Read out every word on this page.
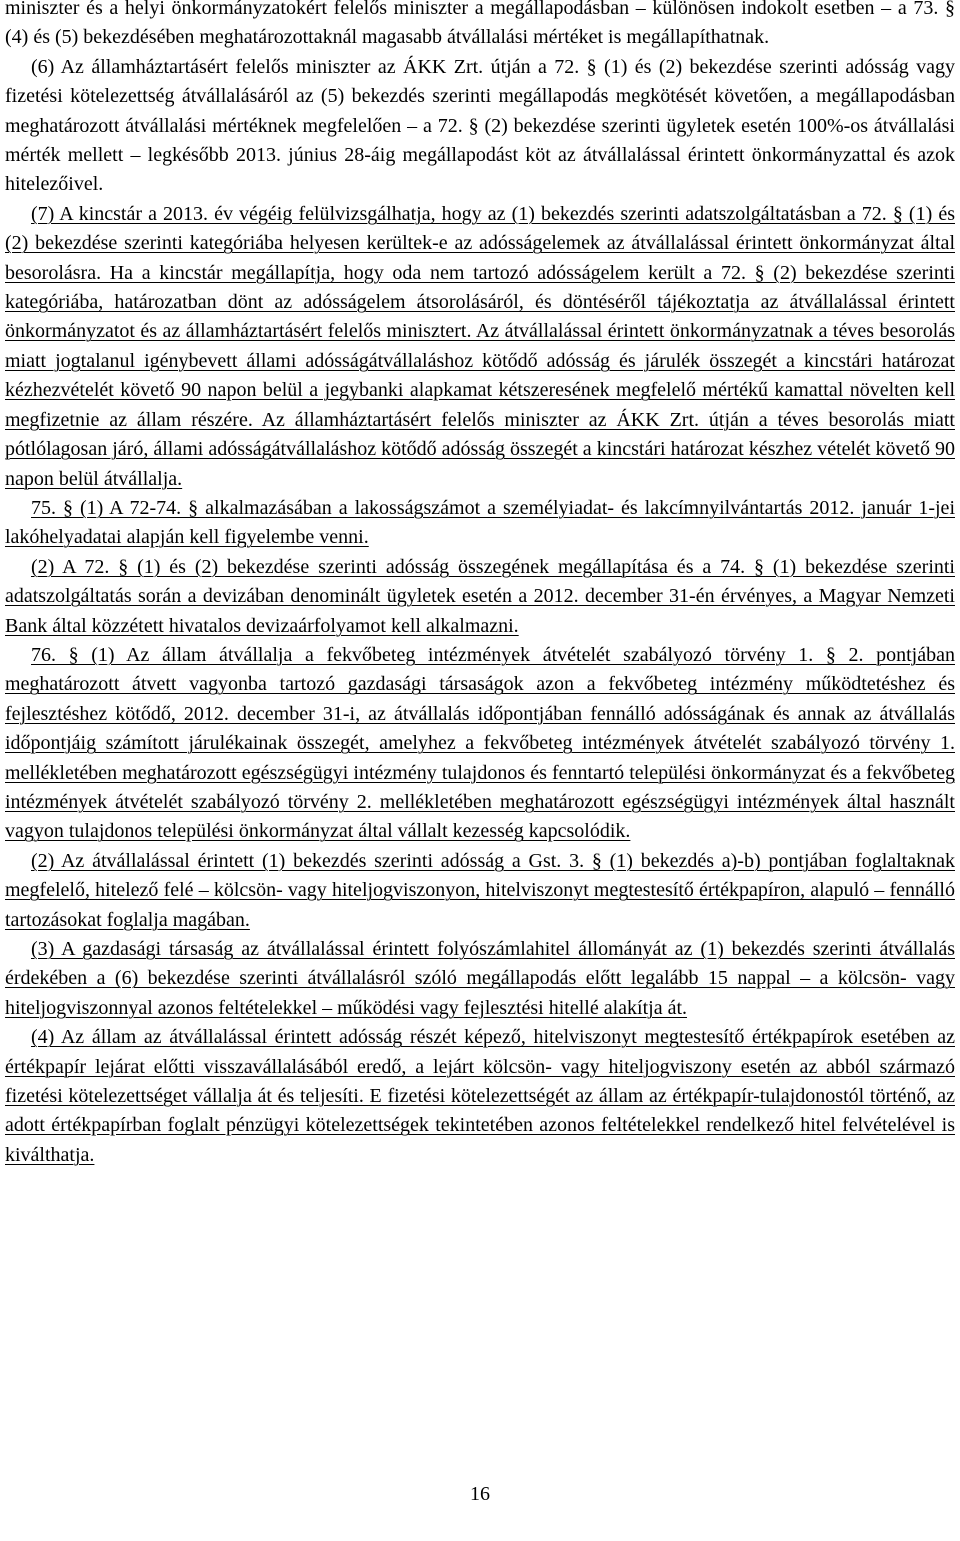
miniszter és a helyi önkormányzatokért felelős miniszter a megállapodásban – különösen indokolt esetben – a 73. § (4) és (5) bekezdésében meghatározottaknál magasabb átvállalási mértéket is megállapíthatnak.

(6) Az államháztartásért felelős miniszter az ÁKK Zrt. útján a 72. § (1) és (2) bekezdése szerinti adósság vagy fizetési kötelezettség átvállalásáról az (5) bekezdés szerinti megállapodás megkötését követően, a megállapodásban meghatározott átvállalási mértéknek megfelelően – a 72. § (2) bekezdése szerinti ügyletek esetén 100%-os átvállalási mérték mellett – legkésőbb 2013. június 28-áig megállapodást köt az átvállalással érintett önkormányzattal és azok hitelezőivel.

(7) A kincstár a 2013. év végéig felülvizsgálhatja, hogy az (1) bekezdés szerinti adatszolgáltatásban a 72. § (1) és (2) bekezdése szerinti kategóriába helyesen kerültek-e az adósságelemek az átvállalással érintett önkormányzat által besorolásra. Ha a kincstár megállapítja, hogy oda nem tartozó adósságelem került a 72. § (2) bekezdése szerinti kategóriába, határozatban dönt az adósságelem átsorolásáról, és döntéséről tájékoztatja az átvállalással érintett önkormányzatot és az államháztartásért felelős minisztert. Az átvállalással érintett önkormányzatnak a téves besorolás miatt jogtalanul igénybevett állami adósságátvállaláshoz kötődő adósság és járulék összegét a kincstári határozat kézhezvételét követő 90 napon belül a jegybanki alapkamat kétszeresének megfelelő mértékű kamattal növelten kell megfizetnie az állam részére. Az államháztartásért felelős miniszter az ÁKK Zrt. útján a téves besorolás miatt pótlólagosan járó, állami adósságátvállaláshoz kötődő adósság összegét a kincstári határozat készhez vételét követő 90 napon belül átvállalja.

75. § (1) A 72-74. § alkalmazásában a lakosságszámot a személyiadat- és lakcímnyilvántartás 2012. január 1-jei lakóhelyadatai alapján kell figyelembe venni.

(2) A 72. § (1) és (2) bekezdése szerinti adósság összegének megállapítása és a 74. § (1) bekezdése szerinti adatszolgáltatás során a devizában denominált ügyletek esetén a 2012. december 31-én érvényes, a Magyar Nemzeti Bank által közzétett hivatalos devizaárfolyamot kell alkalmazni.

76. § (1) Az állam átvállalja a fekvőbeteg intézmények átvételét szabályozó törvény 1. § 2. pontjában meghatározott átvett vagyonba tartozó gazdasági társaságok azon a fekvőbeteg intézmény működtetéshez és fejlesztéshez kötődő, 2012. december 31-i, az átvállalás időpontjában fennálló adósságának és annak az átvállalás időpontjáig számított járulékainak összegét, amelyhez a fekvőbeteg intézmények átvételét szabályozó törvény 1. mellékletében meghatározott egészségügyi intézmény tulajdonos és fenntartó települési önkormányzat és a fekvőbeteg intézmények átvételét szabályozó törvény 2. mellékletében meghatározott egészségügyi intézmények által használt vagyon tulajdonos települési önkormányzat által vállalt kezesség kapcsolódik.

(2) Az átvállalással érintett (1) bekezdés szerinti adósság a Gst. 3. § (1) bekezdés a)-b) pontjában foglaltaknak megfelelő, hitelező felé – kölcsön- vagy hiteljogviszonyon, hitelviszonyt megtestesítő értékpapíron, alapuló – fennálló tartozásokat foglalja magában.

(3) A gazdasági társaság az átvállalással érintett folyószámlahitel állományát az (1) bekezdés szerinti átvállalás érdekében a (6) bekezdése szerinti átvállalásról szóló megállapodás előtt legalább 15 nappal – a kölcsön- vagy hiteljogviszonnyal azonos feltételekkel – működési vagy fejlesztési hitellé alakítja át.

(4) Az állam az átvállalással érintett adósság részét képező, hitelviszonyt megtestesítő értékpapírok esetében az értékpapír lejárat előtti visszavállalásából eredő, a lejárt kölcsön- vagy hiteljogviszony esetén az abból származó fizetési kötelezettséget vállalja át és teljesíti. E fizetési kötelezettségét az állam az értékpapír-tulajdonostól történő, az adott értékpapírban foglalt pénzügyi kötelezettségek tekintetében azonos feltételekkel rendelkező hitel felvételével is kiválthatja.

16
